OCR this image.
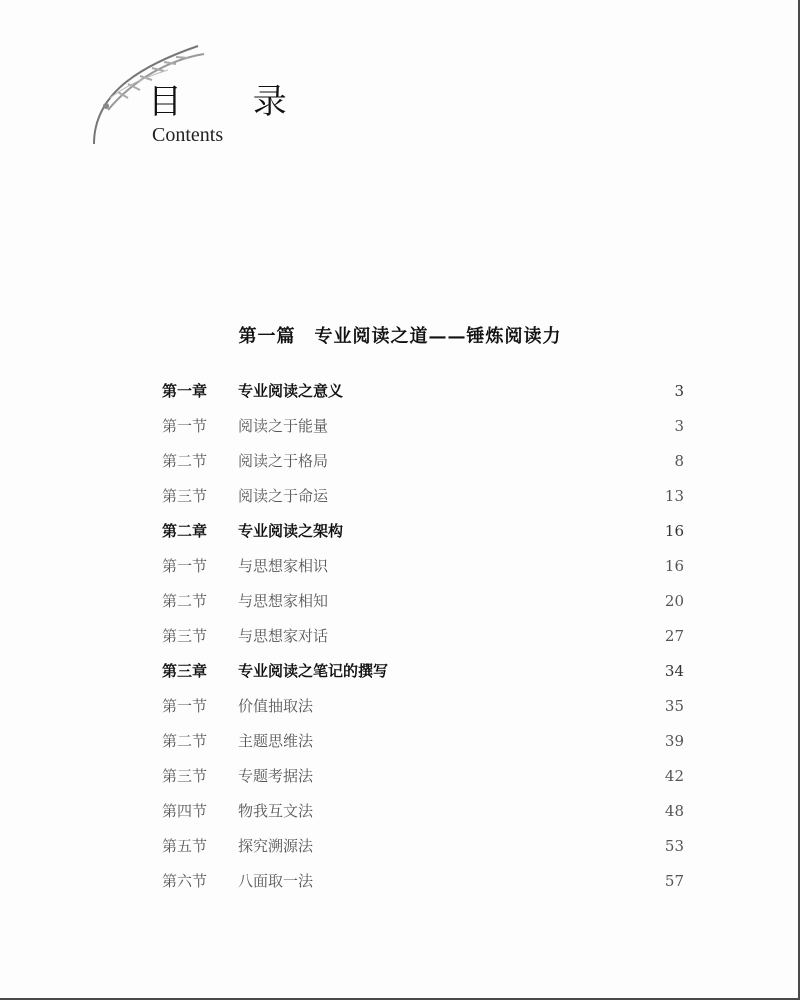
目 录
Contents
第一篇　专业阅读之道——锤炼阅读力
第一章	专业阅读之意义	3
第一节	阅读之于能量	3
第二节	阅读之于格局	8
第三节	阅读之于命运	13
第二章	专业阅读之架构	16
第一节	与思想家相识	16
第二节	与思想家相知	20
第三节	与思想家对话	27
第三章	专业阅读之笔记的撰写	34
第一节	价值抽取法	35
第二节	主题思维法	39
第三节	专题考据法	42
第四节	物我互文法	48
第五节	探究溯源法	53
第六节	八面取一法	57
